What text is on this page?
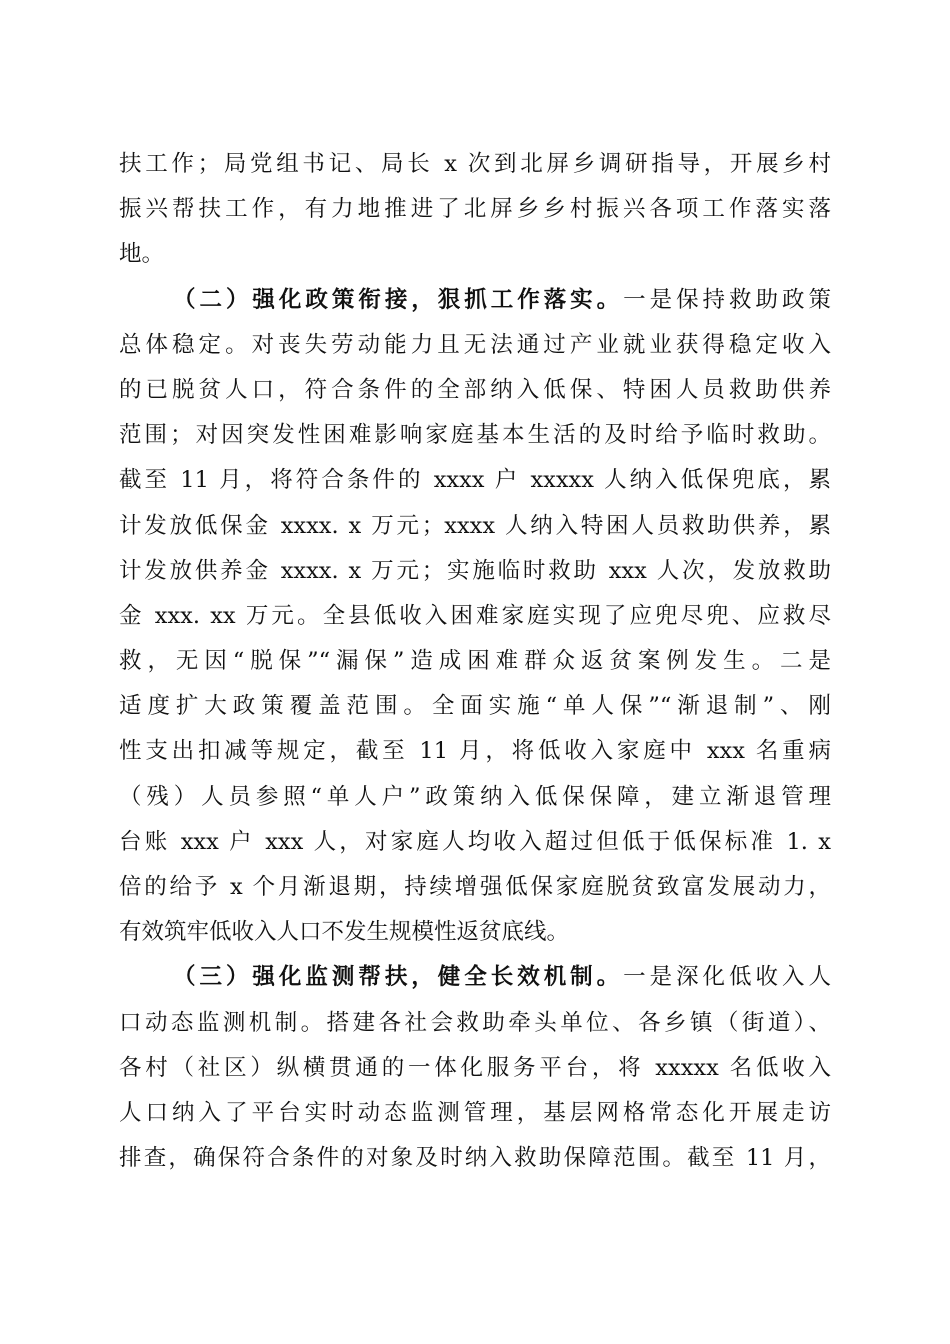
扶工作；局党组书记、局长 x 次到北屏乡调研指导，开展乡村
振兴帮扶工作，有力地推进了北屏乡乡村振兴各项工作落实落
地。
（二）强化政策衔接，狠抓工作落实。一是保持救助政策
总体稳定。对丧失劳动能力且无法通过产业就业获得稳定收入
的已脱贫人口，符合条件的全部纳入低保、特困人员救助供养
范围；对因突发性困难影响家庭基本生活的及时给予临时救助。
截至 11 月，将符合条件的 xxxx 户 xxxxx 人纳入低保兜底，累
计发放低保金 xxxx. x 万元；xxxx 人纳入特困人员救助供养，累
计发放供养金 xxxx. x 万元；实施临时救助 xxx 人次，发放救助
金 xxx. xx 万元。全县低收入困难家庭实现了应兜尽兜、应救尽
救，无因“脱保”“漏保”造成困难群众返贫案例发生。二是
适度扩大政策覆盖范围。全面实施“单人保”“渐退制”、刚
性支出扣减等规定，截至 11 月，将低收入家庭中 xxx 名重病
（残）人员参照“单人户”政策纳入低保保障，建立渐退管理
台账 xxx 户 xxx 人，对家庭人均收入超过但低于低保标准 1. x
倍的给予 x 个月渐退期，持续增强低保家庭脱贫致富发展动力，
有效筑牢低收入人口不发生规模性返贫底线。
（三）强化监测帮扶，健全长效机制。一是深化低收入人
口动态监测机制。搭建各社会救助牵头单位、各乡镇（街道）、
各村（社区）纵横贯通的一体化服务平台，将 xxxxx 名低收入
人口纳入了平台实时动态监测管理，基层网格常态化开展走访
排查，确保符合条件的对象及时纳入救助保障范围。截至 11 月，
